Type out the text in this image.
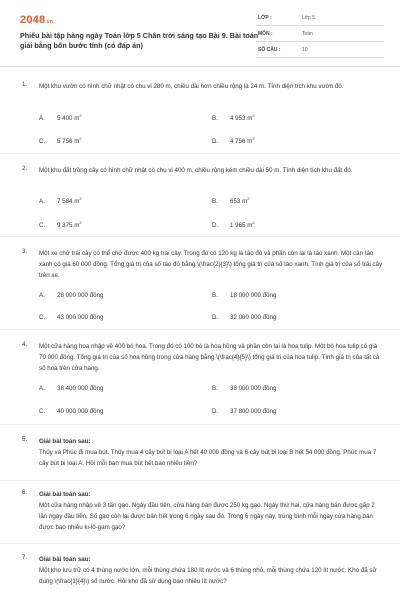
2048.vn
Phiếu bài tập hàng ngày Toán lớp 5 Chân trời sáng tạo Bài 9. Bài toán giải bằng bốn bước tính (có đáp án)
LỚP :	Lớp 5
MÔN :	Toán
SỐ CÂU :	10
1. Một khu vườn có hình chữ nhật có chu vi 280 m, chiều dài hơn chiều rộng là 24 m. Tính diện tích khu vườn đó.
A. 5 400 $m^2$	B. 4 953 $m^2$
C. 5 756 $m^2$	D. 4 756 $m^2$
2. Một khu đất trồng cây có hình chữ nhật có chu vi 400 m, chiều rộng kém chiều dài 50 m. Tính diện tích khu đất đó.
A. 7 584 $m^2$	B. 653 $m^2$
C. 9 375 $m^2$	D. 1 965 $m^2$
3. Một xe chở trái cây có thể chở được 400 kg trái cây. Trong đó có 120 kg là táo đỏ và phần còn lại là táo xanh. Một cân táo xanh có giá 60 000 đồng. Tổng giá trị của số táo đỏ bằng \(\frac{2}{3}\) tổng giá trị của số táo xanh. Tính giá trị của số trái cây trên xe.
A. 28 000 000 đồng	B. 18 000 000 đồng
C. 43 000 000 đồng	D. 32 000 000 đồng
4. Một cửa hàng hoa nhập về 400 bó hoa. Trong đó có 100 bó là hoa hồng và phần còn lại là hoa tulip. Một bó hoa tulip có giá 70 000 đồng. Tổng giá trị của số hoa hồng trong cửa hàng bằng \(\frac{4}{5}\) tổng giá trị của hoa tulip. Tính giá trị của tất cả số hoa trên cửa hàng.
A. 38 400 000 đồng	B. 38 000 000 đồng
C. 40 000 000 đồng	D. 37 800 000 đồng
5. Giải bài toán sau:
Thủy và Phúc đi mua bút. Thủy mua 4 cây bút bi loại A hết 40 000 đồng và 6 cây bút bi loại B hết 54 000 đồng. Phúc mua 7 cây bút bi loại A. Hỏi mỗi bạn mua bút hết bao nhiêu tiền?
6. Giải bài toán sau:
Một cửa hàng nhập về 3 tấn gạo. Ngày đầu tiên, cửa hàng bán được 250 kg gạo. Ngày thứ hai, cửa hàng bán được gấp 2 lần ngày đầu tiên. Số gạo còn lại được bán hết trong 6 ngày sau đó. Trong 6 ngày này, trung bình mỗi ngày cửa hàng bán được bao nhiêu ki-lô-gam gạo?
7. Giải bài toán sau:
Một kho lưu trữ có 4 thùng nước lớn, mỗi thùng chứa 180 lít nước và 6 thùng nhỏ, mỗi thùng chứa 120 lít nước. Kho đã sử dụng \(\frac{1}{4}\) số nước. Hỏi kho đã sử dụng bao nhiêu lít nước?
